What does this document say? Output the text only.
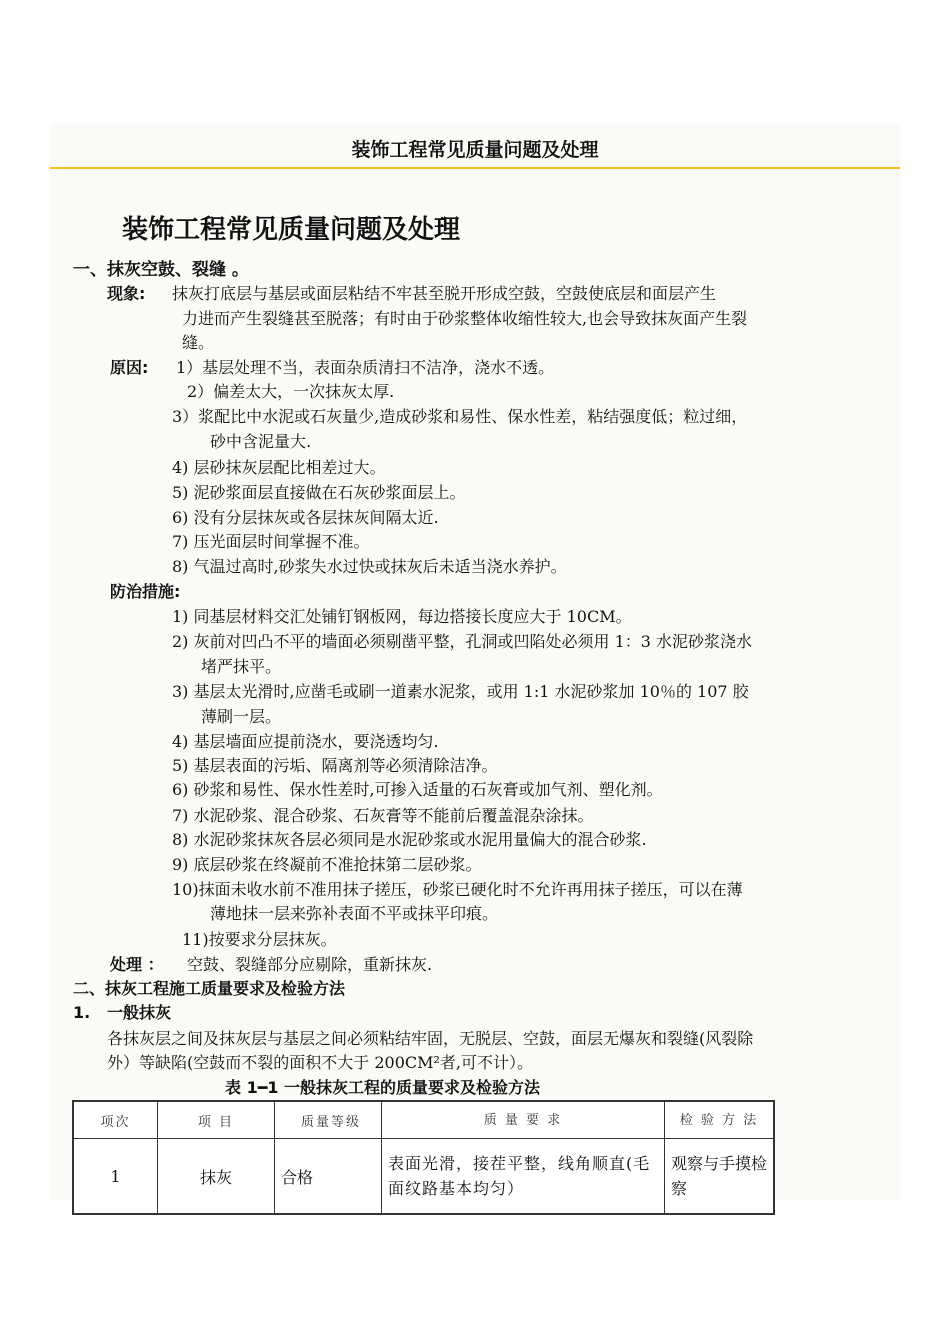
装饰工程常见质量问题及处理
装饰工程常见质量问题及处理
一、抹灰空鼓、裂缝 。
现象: 抹灰打底层与基层或面层粘结不牢甚至脱开形成空鼓，空鼓使底层和面层产生
力进而产生裂缝甚至脱落；有时由于砂浆整体收缩性较大,也会导致抹灰面产生裂
缝。
原因: 1）基层处理不当，表面杂质清扫不洁净，浇水不透。
2）偏差太大，一次抹灰太厚.
3）浆配比中水泥或石灰量少,造成砂浆和易性、保水性差，粘结强度低；粒过细，
砂中含泥量大.
4) 层砂抹灰层配比相差过大。
5) 泥砂浆面层直接做在石灰砂浆面层上。
6) 没有分层抹灰或各层抹灰间隔太近.
7) 压光面层时间掌握不准。
8) 气温过高时,砂浆失水过快或抹灰后未适当浇水养护。
防治措施:
1) 同基层材料交汇处铺钉钢板网，每边搭接长度应大于 10CM。
2) 灰前对凹凸不平的墙面必须剔凿平整，孔洞或凹陷处必须用 1：3 水泥砂浆浇水
堵严抹平。
3) 基层太光滑时,应凿毛或刷一道素水泥浆，或用 1:1 水泥砂浆加 10％的 107 胶
薄刷一层。
4) 基层墙面应提前浇水，要浇透均匀.
5) 基层表面的污垢、隔离剂等必须清除洁净。
6) 砂浆和易性、保水性差时,可掺入适量的石灰膏或加气剂、塑化剂。
7) 水泥砂浆、混合砂浆、石灰膏等不能前后覆盖混杂涂抹。
8) 水泥砂浆抹灰各层必须同是水泥砂浆或水泥用量偏大的混合砂浆.
9) 底层砂浆在终凝前不准抢抹第二层砂浆。
10)抹面未收水前不准用抹子搓压，砂浆已硬化时不允许再用抹子搓压，可以在薄
薄地抹一层来弥补表面不平或抹平印痕。
11)按要求分层抹灰。
处理 ： 空鼓、裂缝部分应剔除，重新抹灰.
二、抹灰工程施工质量要求及检验方法
1. 一般抹灰
各抹灰层之间及抹灰层与基层之间必须粘结牢固，无脱层、空鼓，面层无爆灰和裂缝(风裂除
外）等缺陷(空鼓而不裂的面积不大于 200CM²者,可不计）。
表 1━1 一般抹灰工程的质量要求及检验方法
项次	项 目	质量等级	质 量 要 求	检 验 方 法
1	抹灰	合格	表面光滑，接茬平整，线角顺直(毛面纹路基本均匀）	观察与手摸检察
